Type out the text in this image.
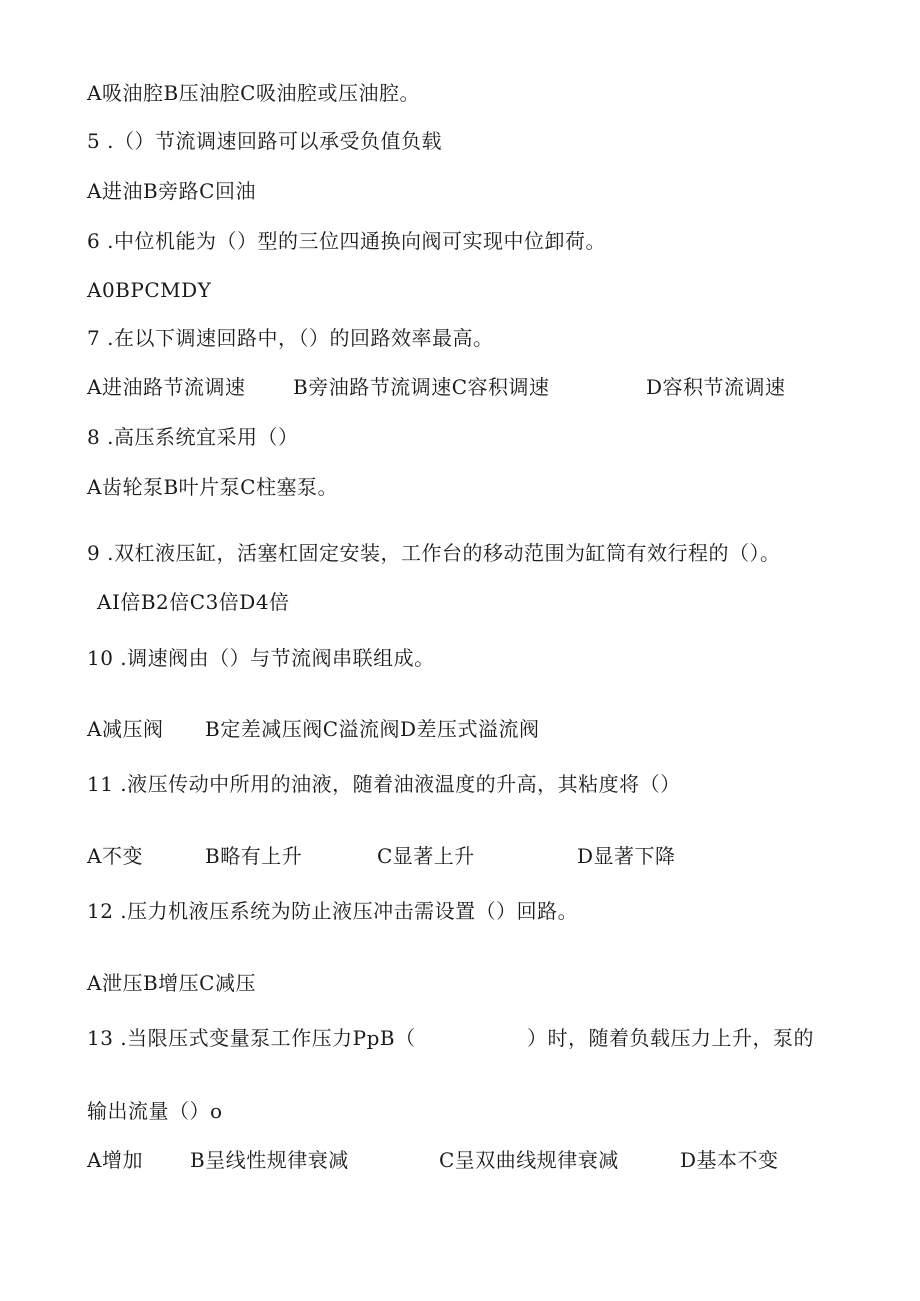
A吸油腔B压油腔C吸油腔或压油腔。
5 .（）节流调速回路可以承受负值负载
A进油B旁路C回油
6 .中位机能为（）型的三位四通换向阀可实现中位卸荷。
A0BPCMDY
7 .在以下调速回路中，（）的回路效率最高。
A进油路节流调速 B旁油路节流调速C容积调速	D容积节流调速
8 .高压系统宜采用（）
A齿轮泵B叶片泵C柱塞泵。
9 .双杠液压缸，活塞杠固定安装，工作台的移动范围为缸筒有效行程的（）。
AI倍B2倍C3倍D4倍
10 .调速阀由（）与节流阀串联组成。
A减压阀 B定差减压阀C溢流阀D差压式溢流阀
11 .液压传动中所用的油液，随着油液温度的升高，其粘度将（）
A不变	B略有上升	C显著上升	D显著下降
12 .压力机液压系统为防止液压冲击需设置（）回路。
A泄压B增压C减压
13 .当限压式变量泵工作压力PpB（	）时，随着负载压力上升，泵的
输出流量（）o
A增加 B呈线性规律衰减	C呈双曲线规律衰减	D基本不变
